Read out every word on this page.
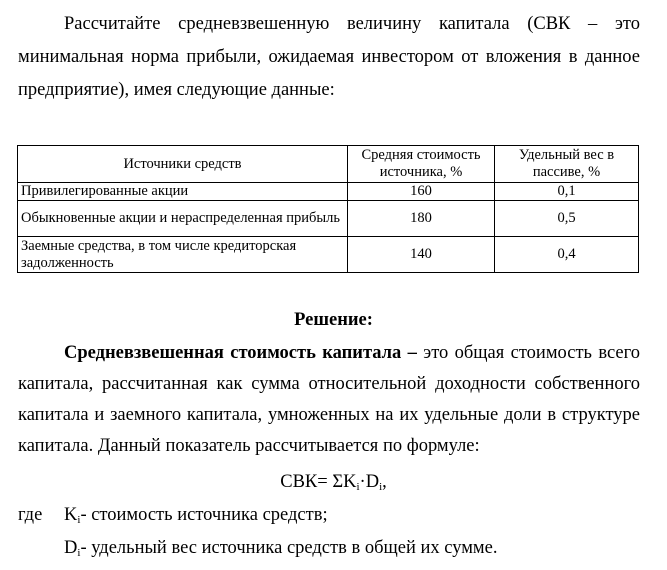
Рассчитайте средневзвешенную величину капитала (СВК – это минимальная норма прибыли, ожидаемая инвестором от вложения в данное предприятие), имея следующие данные:

Источники средств	Средняя стоимость источника, %	Удельный вес в пассиве, %
Привилегированные акции	160	0,1
Обыкновенные акции и нераспределенная прибыль	180	0,5
Заемные средства, в том числе кредиторская задолженность	140	0,4

Решение:

Средневзвешенная стоимость капитала – это общая стоимость всего капитала, рассчитанная как сумма относительной доходности собственного капитала и заемного капитала, умноженных на их удельные доли в структуре капитала. Данный показатель рассчитывается по формуле:

$СВК= \Sigma K_i\cdot D_i$,

где $K_i-$ стоимость источника средств;

$D_i-$ удельный вес источника средств в общей их сумме.
